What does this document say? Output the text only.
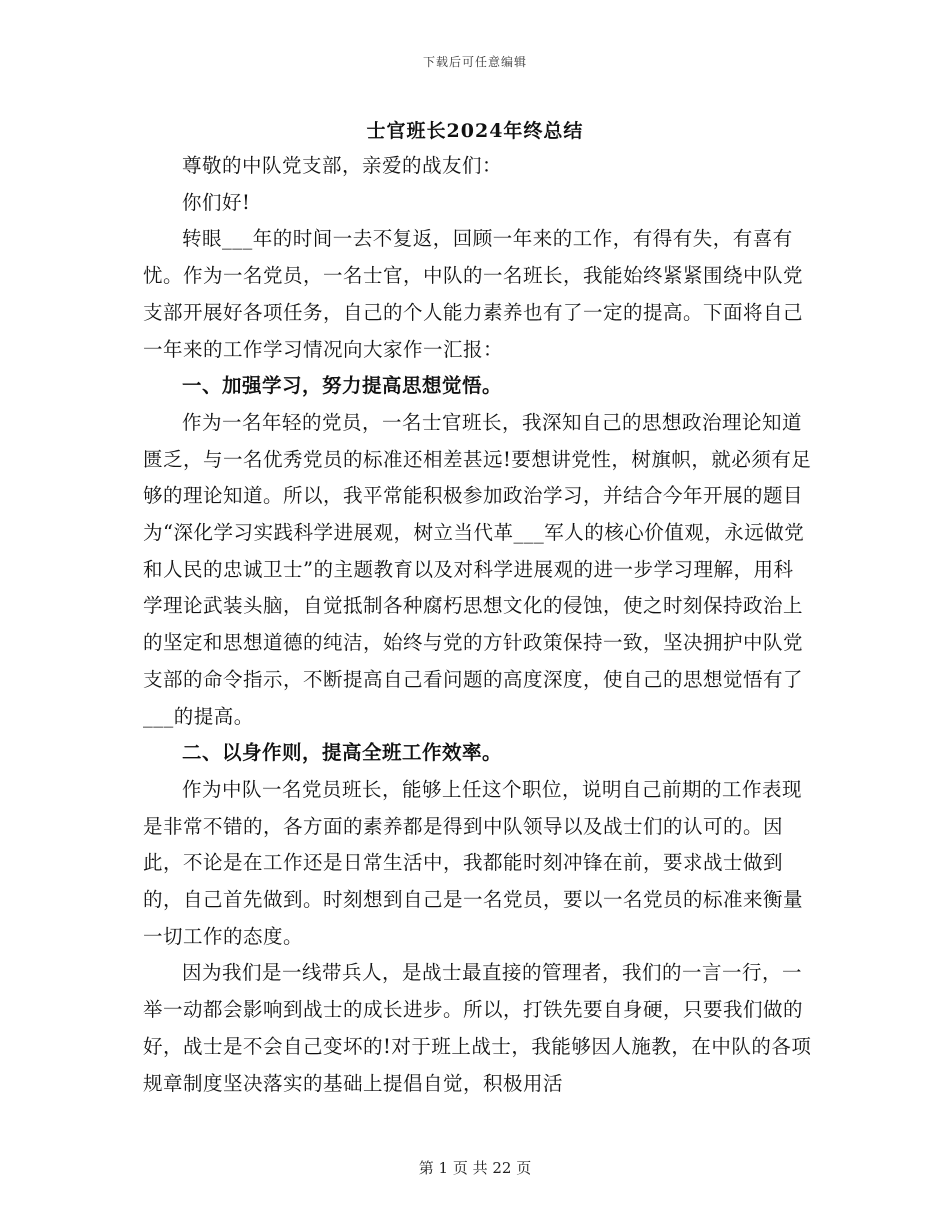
下载后可任意编辑
士官班长2024年终总结

尊敬的中队党支部，亲爱的战友们：

你们好!

转眼___年的时间一去不复返，回顾一年来的工作，有得有失，有喜有忧。作为一名党员，一名士官，中队的一名班长，我能始终紧紧围绕中队党支部开展好各项任务，自己的个人能力素养也有了一定的提高。下面将自己一年来的工作学习情况向大家作一汇报：

一、加强学习，努力提高思想觉悟。

作为一名年轻的党员，一名士官班长，我深知自己的思想政治理论知道匮乏，与一名优秀党员的标准还相差甚远!要想讲党性，树旗帜，就必须有足够的理论知道。所以，我平常能积极参加政治学习，并结合今年开展的题目为“深化学习实践科学进展观，树立当代革___军人的核心价值观，永远做党和人民的忠诚卫士”的主题教育以及对科学进展观的进一步学习理解，用科学理论武装头脑，自觉抵制各种腐朽思想文化的侵蚀，使之时刻保持政治上的坚定和思想道德的纯洁，始终与党的方针政策保持一致，坚决拥护中队党支部的命令指示，不断提高自己看问题的高度深度，使自己的思想觉悟有了___的提高。

二、以身作则，提高全班工作效率。

作为中队一名党员班长，能够上任这个职位，说明自己前期的工作表现是非常不错的，各方面的素养都是得到中队领导以及战士们的认可的。因此，不论是在工作还是日常生活中，我都能时刻冲锋在前，要求战士做到的，自己首先做到。时刻想到自己是一名党员，要以一名党员的标准来衡量一切工作的态度。

因为我们是一线带兵人，是战士最直接的管理者，我们的一言一行，一举一动都会影响到战士的成长进步。所以，打铁先要自身硬，只要我们做的好，战士是不会自己变坏的!对于班上战士，我能够因人施教，在中队的各项规章制度坚决落实的基础上提倡自觉，积极用活

第 1 页 共 22 页
